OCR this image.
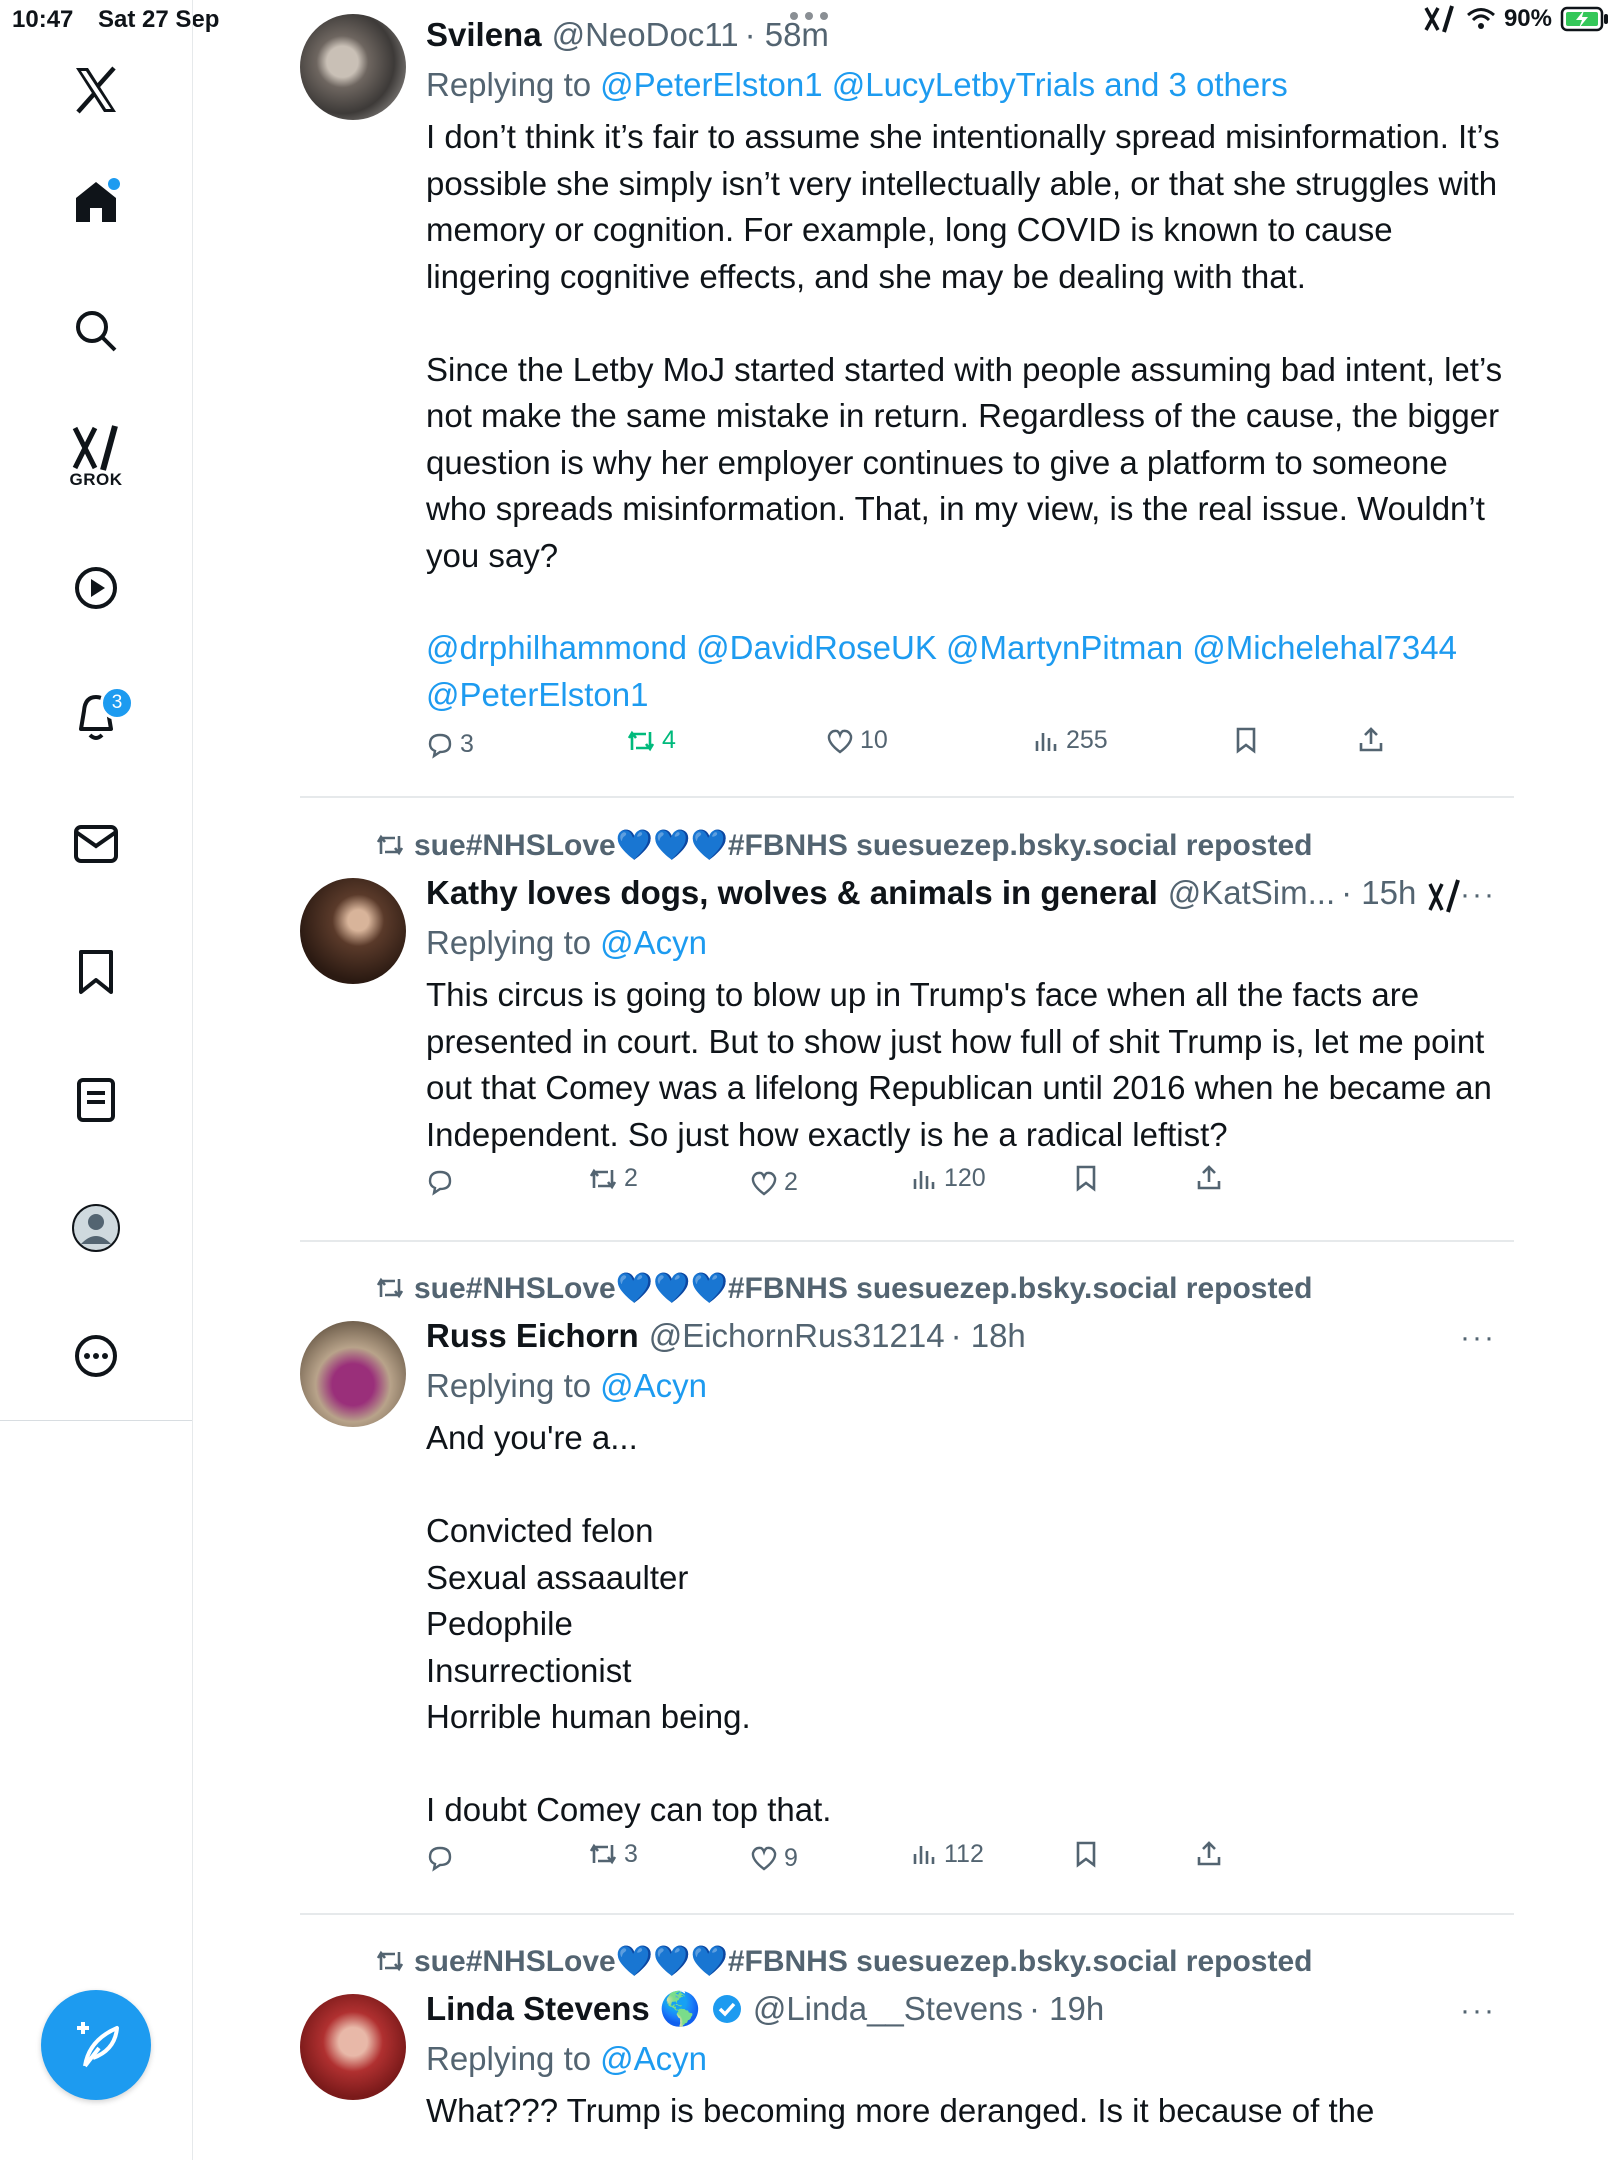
10:47 Sat 27 Sep	90%
GROK
3
Svilena @NeoDoc11 · 58m
Replying to @PeterElston1 @LucyLetbyTrials and 3 others
I don’t think it’s fair to assume she intentionally spread misinformation. It’s possible she simply isn’t very intellectually able, or that she struggles with memory or cognition. For example, long COVID is known to cause lingering cognitive effects, and she may be dealing with that.

Since the Letby MoJ started started with people assuming bad intent, let’s not make the same mistake in return. Regardless of the cause, the bigger question is why her employer continues to give a platform to someone who spreads misinformation. That, in my view, is the real issue. Wouldn’t you say?
@drphilhammond @DavidRoseUK @MartynPitman @Michelehal7344
@PeterElston1
3	4	10	255
sue#NHSLove💙💙💙#FBNHS suesuezep.bsky.social reposted
Kathy loves dogs, wolves & animals in general @KatSim... · 15h ···
Replying to @Acyn
This circus is going to blow up in Trump's face when all the facts are presented in court. But to show just how full of shit Trump is, let me point out that Comey was a lifelong Republican until 2016 when he became an Independent. So just how exactly is he a radical leftist?
2	2	120
sue#NHSLove💙💙💙#FBNHS suesuezep.bsky.social reposted
Russ Eichorn @EichornRus31214 · 18h	···
Replying to @Acyn
And you're a...

Convicted felon
Sexual assaaulter
Pedophile
Insurrectionist
Horrible human being.

I doubt Comey can top that.
3	9	112
sue#NHSLove💙💙💙#FBNHS suesuezep.bsky.social reposted
Linda Stevens 🌎 @Linda__Stevens · 19h	···
Replying to @Acyn
What??? Trump is becoming more deranged. Is it because of the
